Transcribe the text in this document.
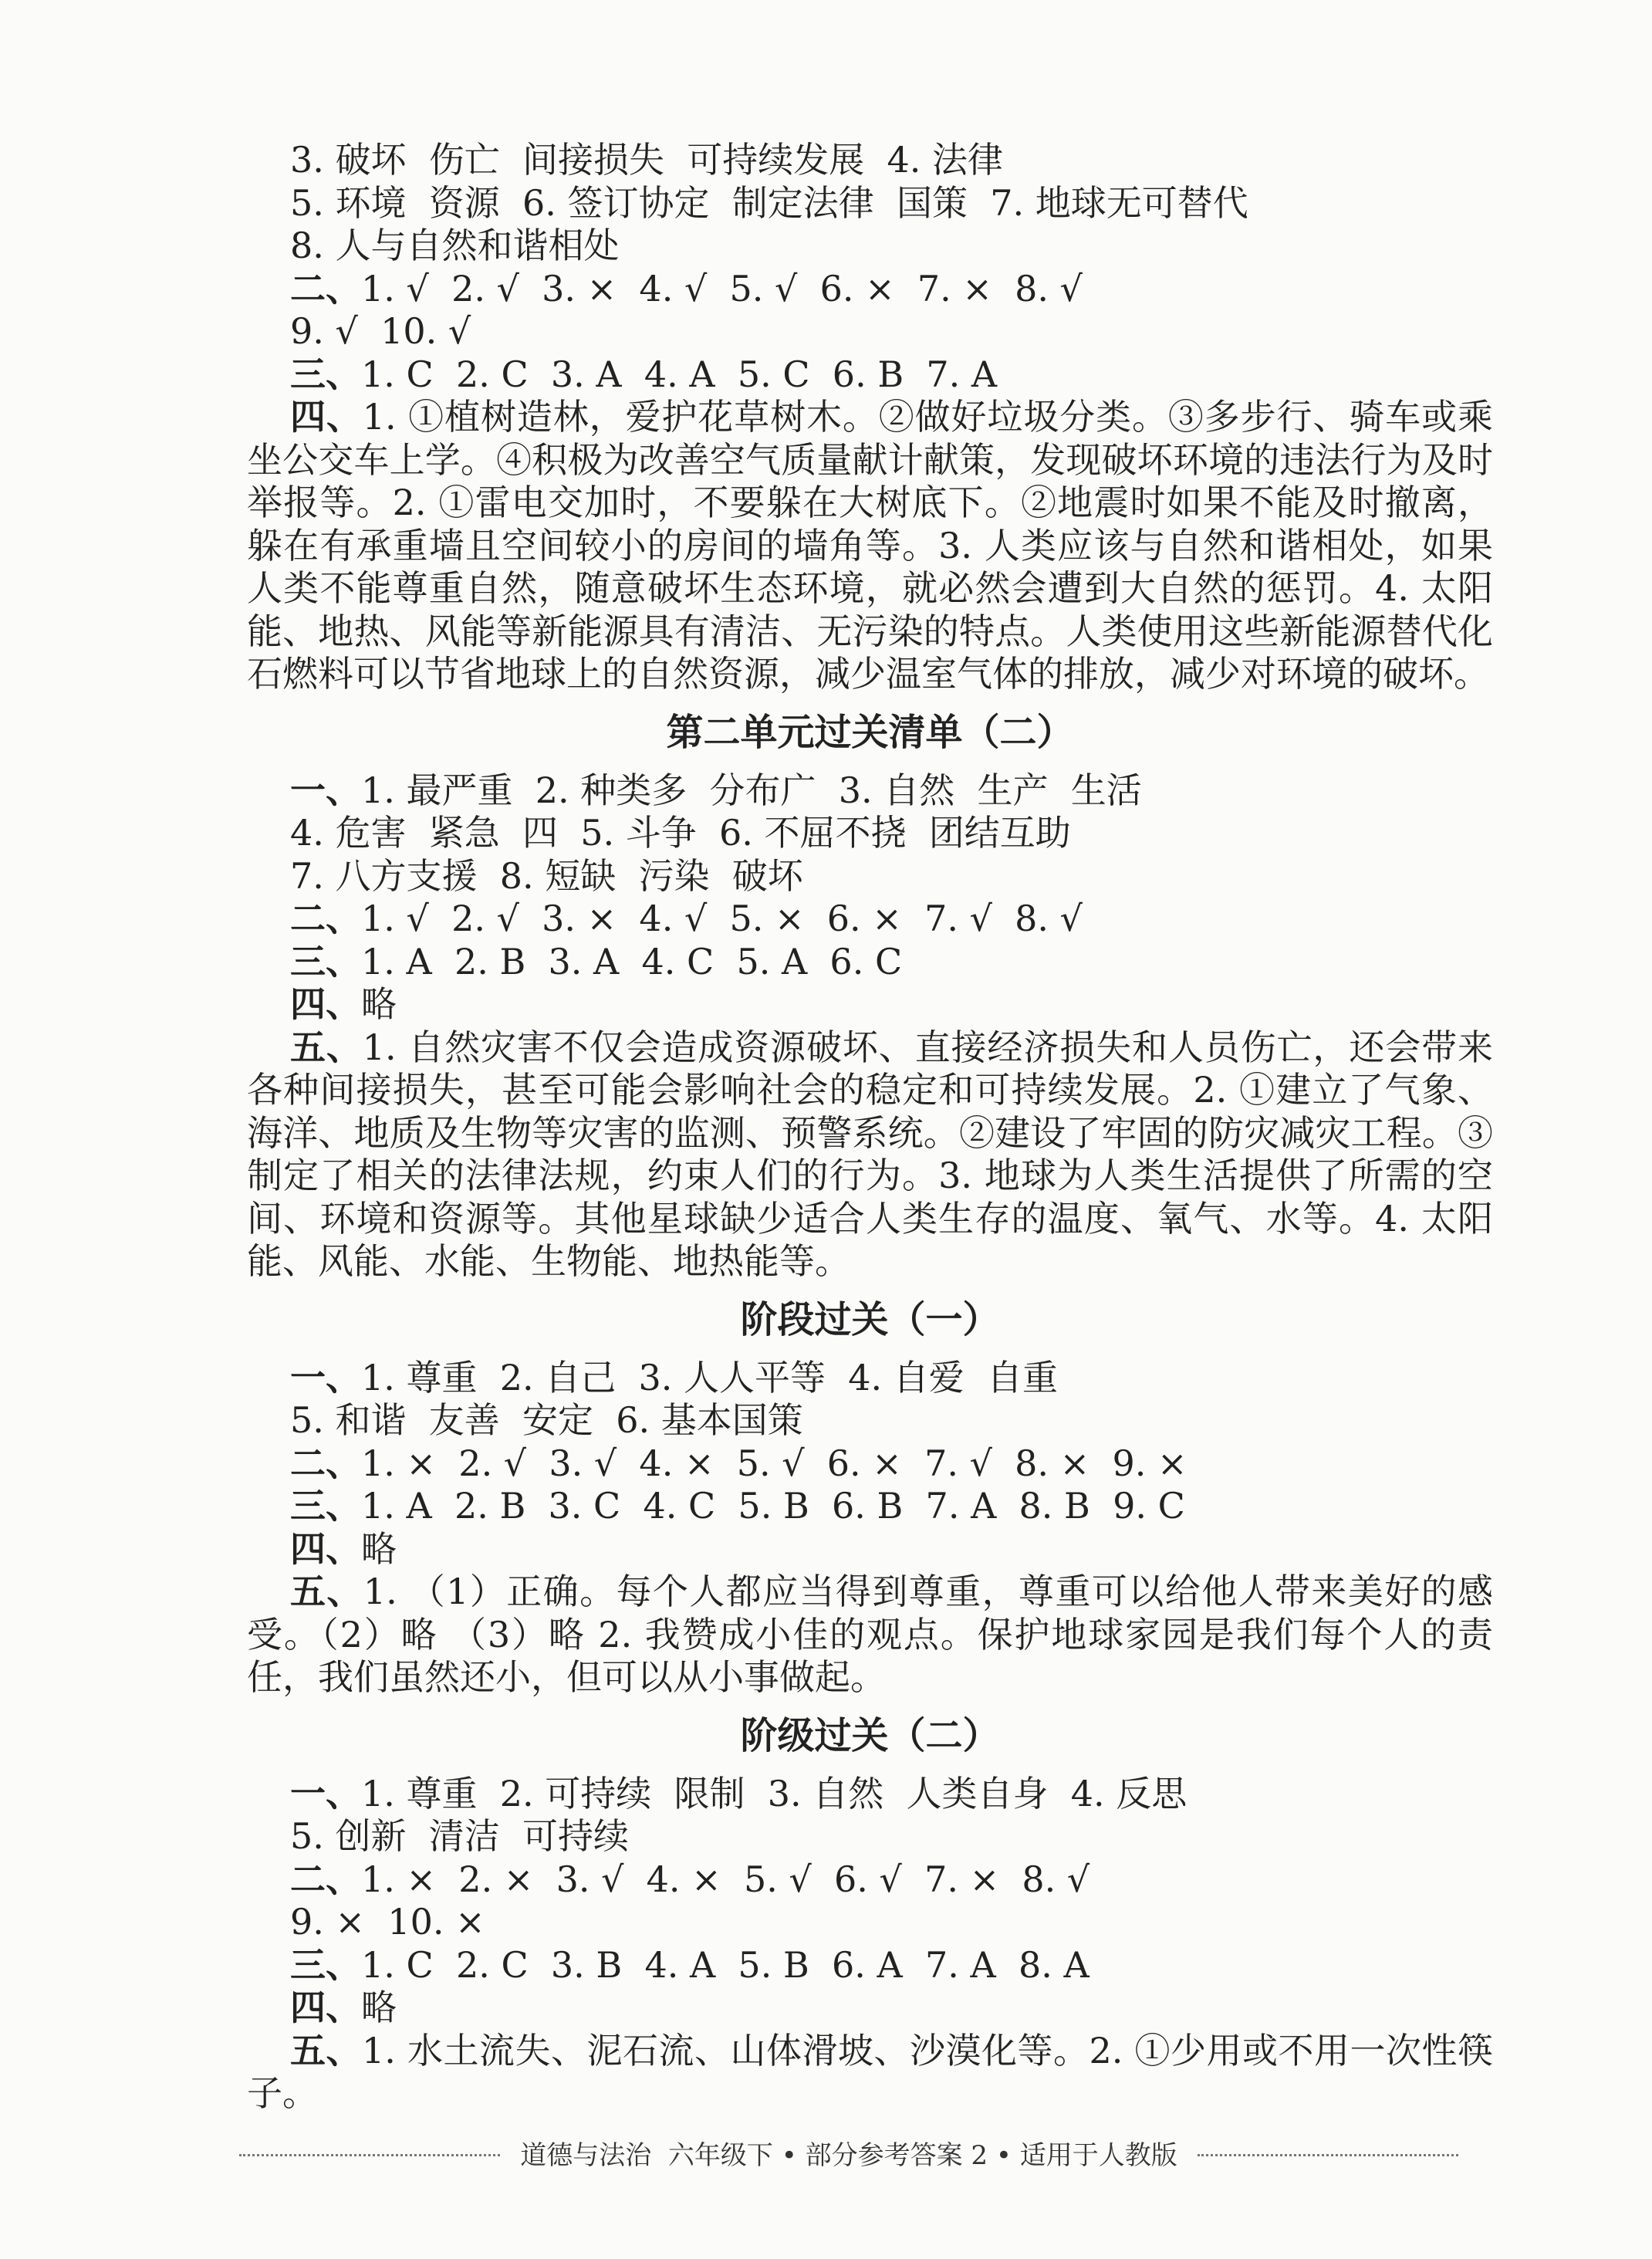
3. 破坏  伤亡  间接损失  可持续发展  4. 法律
5. 环境  资源  6. 签订协定  制定法律  国策  7. 地球无可替代
8. 人与自然和谐相处
二、1. √  2. √  3. ×  4. √  5. √  6. ×  7. ×  8. √
9. √  10. √
三、1. C  2. C  3. A  4. A  5. C  6. B  7. A
四、1. ①植树造林，爱护花草树木。②做好垃圾分类。③多步行、骑车或乘坐公交车上学。④积极为改善空气质量献计献策，发现破坏环境的违法行为及时举报等。2. ①雷电交加时，不要躲在大树底下。②地震时如果不能及时撤离，躲在有承重墙且空间较小的房间的墙角等。3. 人类应该与自然和谐相处，如果人类不能尊重自然，随意破坏生态环境，就必然会遭到大自然的惩罚。4. 太阳能、地热、风能等新能源具有清洁、无污染的特点。人类使用这些新能源替代化石燃料可以节省地球上的自然资源，减少温室气体的排放，减少对环境的破坏。
第二单元过关清单（二）
一、1. 最严重  2. 种类多  分布广  3. 自然  生产  生活
4. 危害  紧急  四  5. 斗争  6. 不屈不挠  团结互助
7. 八方支援  8. 短缺  污染  破坏
二、1. √  2. √  3. ×  4. √  5. ×  6. ×  7. √  8. √
三、1. A  2. B  3. A  4. C  5. A  6. C
四、略
五、1. 自然灾害不仅会造成资源破坏、直接经济损失和人员伤亡，还会带来各种间接损失，甚至可能会影响社会的稳定和可持续发展。2. ①建立了气象、海洋、地质及生物等灾害的监测、预警系统。②建设了牢固的防灾减灾工程。③制定了相关的法律法规，约束人们的行为。3. 地球为人类生活提供了所需的空间、环境和资源等。其他星球缺少适合人类生存的温度、氧气、水等。4. 太阳能、风能、水能、生物能、地热能等。
阶段过关（一）
一、1. 尊重  2. 自己  3. 人人平等  4. 自爱  自重
5. 和谐  友善  安定  6. 基本国策
二、1. ×  2. √  3. √  4. ×  5. √  6. ×  7. √  8. ×  9. ×
三、1. A  2. B  3. C  4. C  5. B  6. B  7. A  8. B  9. C
四、略
五、1. （1）正确。每个人都应当得到尊重，尊重可以给他人带来美好的感受。（2）略 （3）略 2. 我赞成小佳的观点。保护地球家园是我们每个人的责任，我们虽然还小，但可以从小事做起。
阶级过关（二）
一、1. 尊重  2. 可持续  限制  3. 自然  人类自身  4. 反思
5. 创新  清洁  可持续
二、1. ×  2. ×  3. √  4. ×  5. √  6. √  7. ×  8. √
9. ×  10. ×
三、1. C  2. C  3. B  4. A  5. B  6. A  7. A  8. A
四、略
五、1. 水土流失、泥石流、山体滑坡、沙漠化等。2. ①少用或不用一次性筷子。
道德与法治  六年级下 • 部分参考答案 2 • 适用于人教版
